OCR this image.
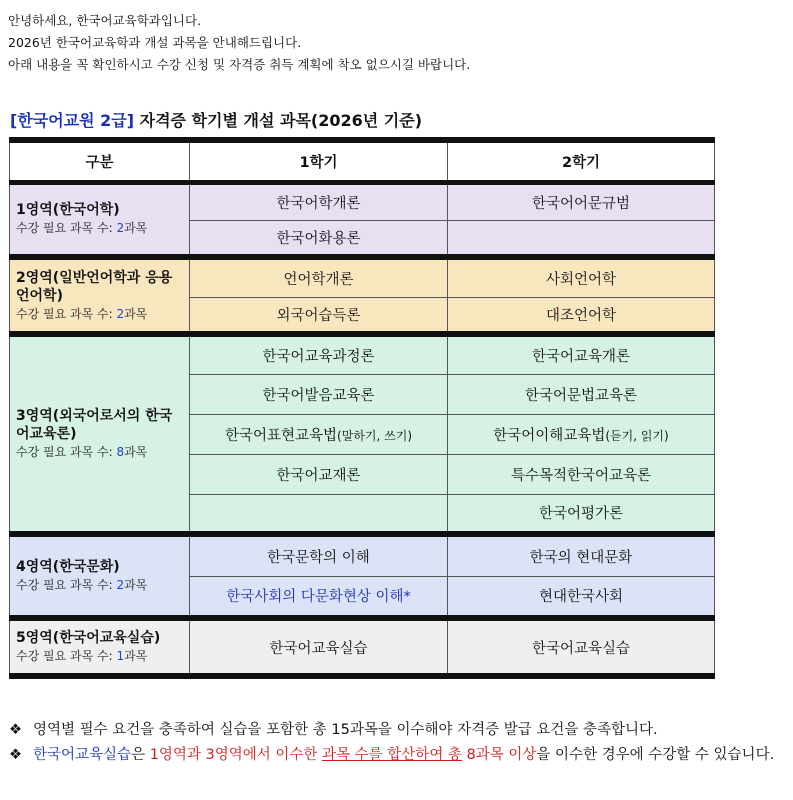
안녕하세요, 한국어교육학과입니다.

2026년 한국어교육학과 개설 과목을 안내해드립니다.

아래 내용을 꼭 확인하시고 수강 신청 및 자격증 취득 계획에 착오 없으시길 바랍니다.

[한국어교원 2급] 자격증 학기별 개설 과목(2026년 기준)
구분	1학기	2학기
1영역(한국어학)
수강 필요 과목 수: 2과목	한국어학개론	한국어어문규범
	한국어화용론	
2영역(일반언어학과 응용언어학)
수강 필요 과목 수: 2과목	언어학개론	사회언어학
	외국어습득론	대조언어학
3영역(외국어로서의 한국어교육론)
수강 필요 과목 수: 8과목	한국어교육과정론	한국어교육개론
	한국어발음교육론	한국어문법교육론
	한국어표현교육법(말하기, 쓰기)	한국어이해교육법(듣기, 읽기)
	한국어교재론	특수목적한국어교육론
		한국어평가론
4영역(한국문화)
수강 필요 과목 수: 2과목	한국문학의 이해	한국의 현대문화
	한국사회의 다문화현상 이해*	현대한국사회
5영역(한국어교육실습)
수강 필요 과목 수: 1과목	한국어교육실습	한국어교육실습
❖ 영역별 필수 요건을 충족하여 실습을 포함한 총 15과목을 이수해야 자격증 발급 요건을 충족합니다.
❖ 한국어교육실습은 1영역과 3영역에서 이수한 과목 수를 합산하여 총 8과목 이상을 이수한 경우에 수강할 수 있습니다.
